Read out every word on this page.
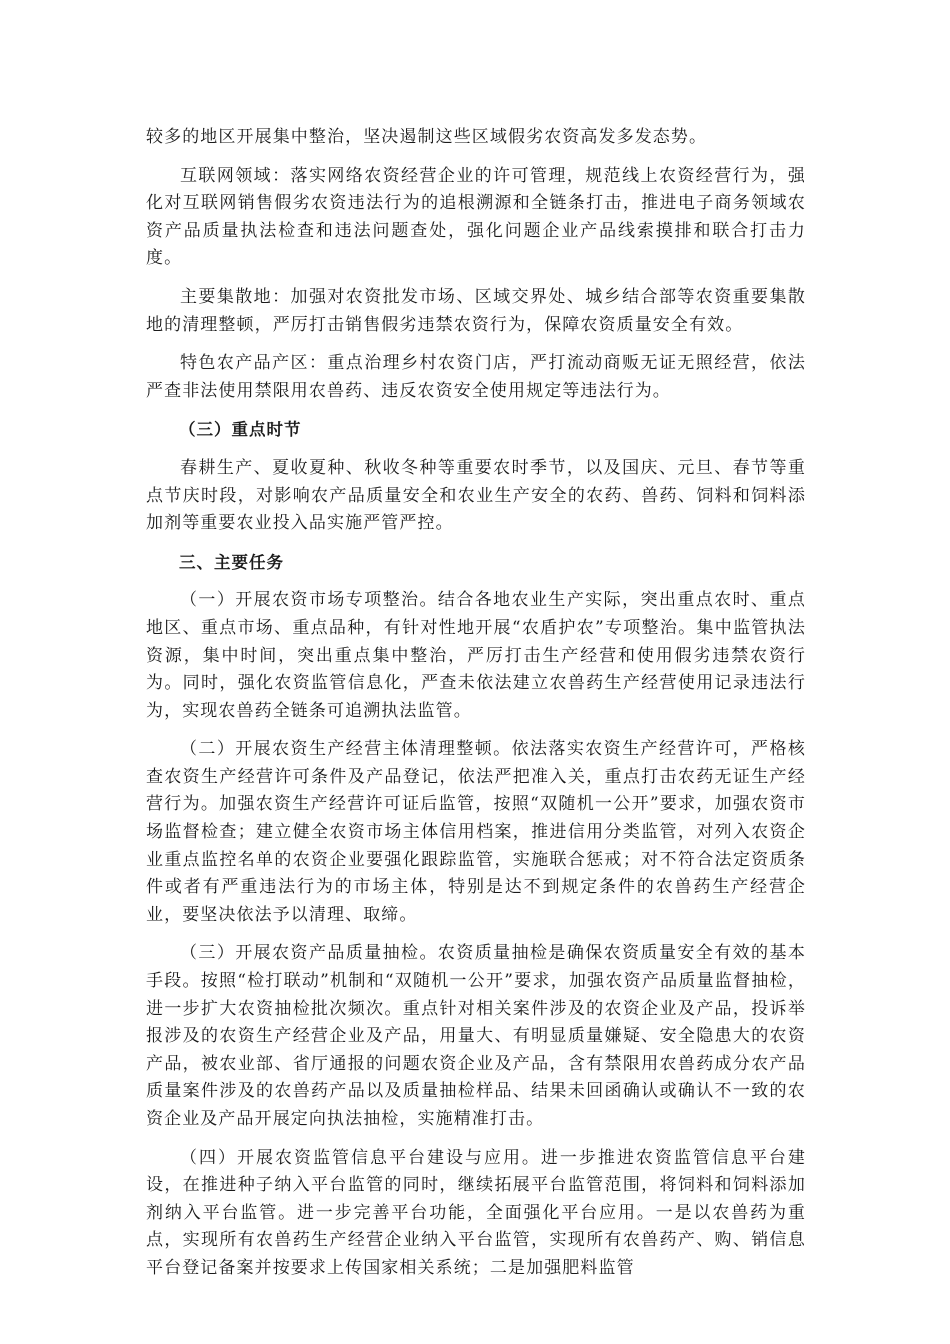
较多的地区开展集中整治，坚决遏制这些区域假劣农资高发多发态势。

互联网领域：落实网络农资经营企业的许可管理，规范线上农资经营行为，强化对互联网销售假劣农资违法行为的追根溯源和全链条打击，推进电子商务领域农资产品质量执法检查和违法问题查处，强化问题企业产品线索摸排和联合打击力度。

主要集散地：加强对农资批发市场、区域交界处、城乡结合部等农资重要集散地的清理整顿，严厉打击销售假劣违禁农资行为，保障农资质量安全有效。

特色农产品产区：重点治理乡村农资门店，严打流动商贩无证无照经营，依法严查非法使用禁限用农兽药、违反农资安全使用规定等违法行为。

（三）重点时节

春耕生产、夏收夏种、秋收冬种等重要农时季节，以及国庆、元旦、春节等重点节庆时段，对影响农产品质量安全和农业生产安全的农药、兽药、饲料和饲料添加剂等重要农业投入品实施严管严控。

三、主要任务

（一）开展农资市场专项整治。结合各地农业生产实际，突出重点农时、重点地区、重点市场、重点品种，有针对性地开展“农盾护农”专项整治。集中监管执法资源，集中时间，突出重点集中整治，严厉打击生产经营和使用假劣违禁农资行为。同时，强化农资监管信息化，严查未依法建立农兽药生产经营使用记录违法行为，实现农兽药全链条可追溯执法监管。

（二）开展农资生产经营主体清理整顿。依法落实农资生产经营许可，严格核查农资生产经营许可条件及产品登记，依法严把准入关，重点打击农药无证生产经营行为。加强农资生产经营许可证后监管，按照“双随机一公开”要求，加强农资市场监督检查；建立健全农资市场主体信用档案，推进信用分类监管，对列入农资企业重点监控名单的农资企业要强化跟踪监管，实施联合惩戒；对不符合法定资质条件或者有严重违法行为的市场主体，特别是达不到规定条件的农兽药生产经营企业，要坚决依法予以清理、取缔。

（三）开展农资产品质量抽检。农资质量抽检是确保农资质量安全有效的基本手段。按照“检打联动”机制和“双随机一公开”要求，加强农资产品质量监督抽检，进一步扩大农资抽检批次频次。重点针对相关案件涉及的农资企业及产品，投诉举报涉及的农资生产经营企业及产品，用量大、有明显质量嫌疑、安全隐患大的农资产品，被农业部、省厅通报的问题农资企业及产品，含有禁限用农兽药成分农产品质量案件涉及的农兽药产品以及质量抽检样品、结果未回函确认或确认不一致的农资企业及产品开展定向执法抽检，实施精准打击。

（四）开展农资监管信息平台建设与应用。进一步推进农资监管信息平台建设，在推进种子纳入平台监管的同时，继续拓展平台监管范围，将饲料和饲料添加剂纳入平台监管。进一步完善平台功能，全面强化平台应用。一是以农兽药为重点，实现所有农兽药生产经营企业纳入平台监管，实现所有农兽药产、购、销信息平台登记备案并按要求上传国家相关系统；二是加强肥料监管
